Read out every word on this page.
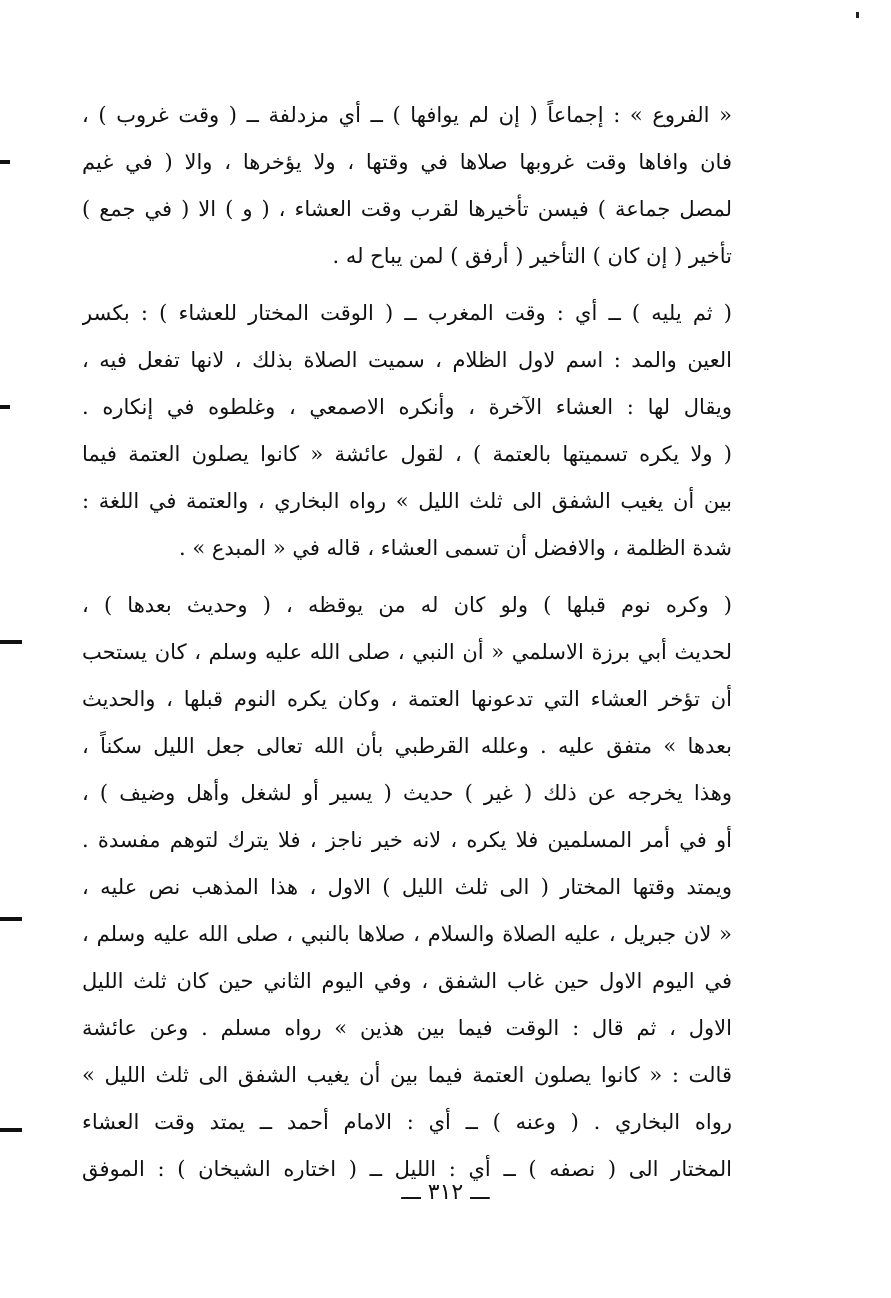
« الفروع » : إجماعاً ( إن لم يوافها ) ــ أي مزدلفة ــ ( وقت غروب ) ،
فان وافاها وقت غروبها صلاها في وقتها ، ولا يؤخرها ، والا ( في غيم
لمصل جماعة ) فيسن تأخيرها لقرب وقت العشاء ، ( و ) الا ( في جمع )
تأخير ( إن كان ) التأخير ( أرفق ) لمن يباح له .
( ثم يليه ) ــ أي : وقت المغرب ــ ( الوقت المختار للعشاء ) : بكسر
العين والمد : اسم لاول الظلام ، سميت الصلاة بذلك ، لانها تفعل فيه ،
ويقال لها : العشاء الآخرة ، وأنكره الاصمعي ، وغلطوه في إنكاره .
( ولا يكره تسميتها بالعتمة ) ، لقول عائشة « كانوا يصلون العتمة فيما
بين أن يغيب الشفق الى ثلث الليل » رواه البخاري ، والعتمة في اللغة :
شدة الظلمة ، والافضل أن تسمى العشاء ، قاله في « المبدع » .
( وكره نوم قبلها ) ولو كان له من يوقظه ، ( وحديث بعدها ) ،
لحديث أبي برزة الاسلمي « أن النبي ، صلى الله عليه وسلم ، كان يستحب
أن تؤخر العشاء التي تدعونها العتمة ، وكان يكره النوم قبلها ، والحديث
بعدها » متفق عليه . وعلله القرطبي بأن الله تعالى جعل الليل سكناً ،
وهذا يخرجه عن ذلك ( غير ) حديث ( يسير أو لشغل وأهل وضيف ) ،
أو في أمر المسلمين فلا يكره ، لانه خير ناجز ، فلا يترك لتوهم مفسدة .
ويمتد وقتها المختار ( الى ثلث الليل ) الاول ، هذا المذهب نص عليه ،
« لان جبريل ، عليه الصلاة والسلام ، صلاها بالنبي ، صلى الله عليه وسلم ،
في اليوم الاول حين غاب الشفق ، وفي اليوم الثاني حين كان ثلث الليل
الاول ، ثم قال : الوقت فيما بين هذين » رواه مسلم . وعن عائشة
قالت : « كانوا يصلون العتمة فيما بين أن يغيب الشفق الى ثلث الليل »
رواه البخاري . ( وعنه ) ــ أي : الامام أحمد ــ يمتد وقت العشاء
المختار الى ( نصفه ) ــ أي : الليل ــ ( اختاره الشيخان ) : الموفق
ـــ ٣١٢ ـــ
